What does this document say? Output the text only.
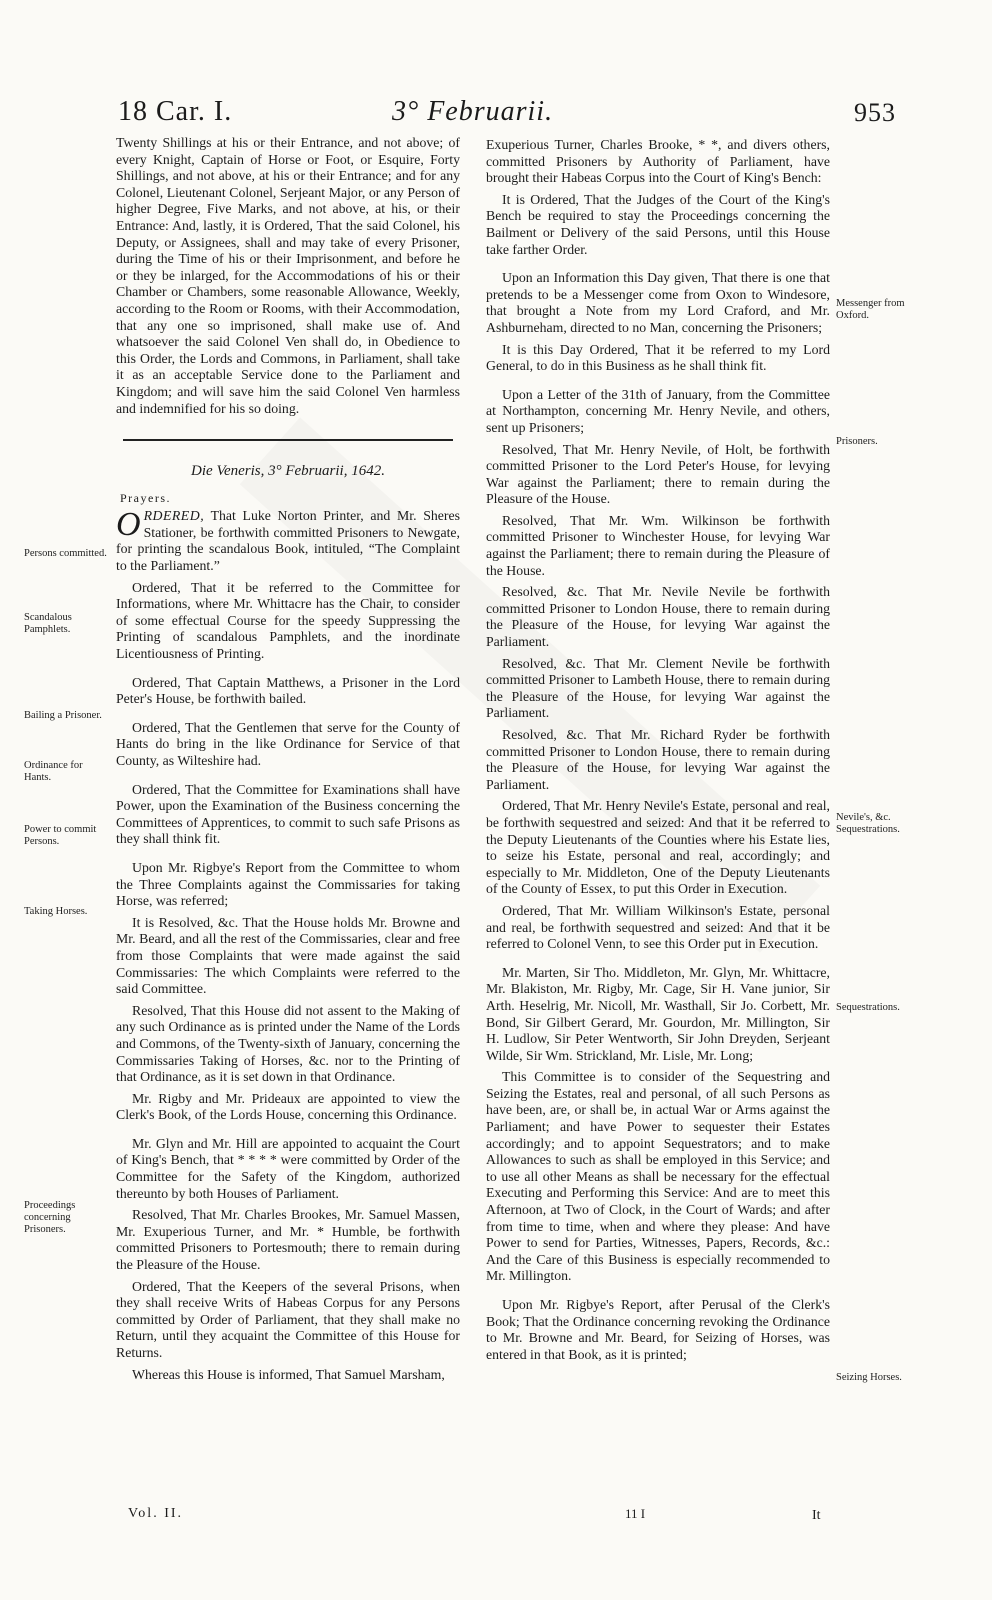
18 Car. I.	3° Februarii.	953

Twenty Shillings at his or their Entrance, and not above; of every Knight, Captain of Horse or Foot, or Esquire, Forty Shillings, and not above, at his or their Entrance; and for any Colonel, Lieutenant Colonel, Serjeant Major, or any Person of higher Degree, Five Marks, and not above, at his, or their Entrance: And, lastly, it is Ordered, That the said Colonel, his Deputy, or Assignees, shall and may take of every Prisoner, during the Time of his or their Imprisonment, and before he or they be inlarged, for the Accommodations of his or their Chamber or Chambers, some reasonable Allowance, Weekly, according to the Room or Rooms, with their Accommodation, that any one so imprisoned, shall make use of. And whatsoever the said Colonel Ven shall do, in Obedience to this Order, the Lords and Commons, in Parliament, shall take it as an acceptable Service done to the Parliament and Kingdom; and will save him the said Colonel Ven harmless and indemnified for his so doing.

Die Veneris, 3° Februarii, 1642.
Prayers.

ORDERED, That Luke Norton Printer, and Mr. Sheres Stationer, be forthwith committed Prisoners to Newgate, for printing the scandalous Book, intituled, “The Complaint to the Parliament.”

Ordered, That it be referred to the Committee for Informations, where Mr. Whittacre has the Chair, to consider of some effectual Course for the speedy Suppressing the Printing of scandalous Pamphlets, and the inordinate Licentiousness of Printing.

Ordered, That Captain Matthews, a Prisoner in the Lord Peter's House, be forthwith bailed.

Ordered, That the Gentlemen that serve for the County of Hants do bring in the like Ordinance for Service of that County, as Wilteshire had.

Ordered, That the Committee for Examinations shall have Power, upon the Examination of the Business concerning the Committees of Apprentices, to commit to such safe Prisons as they shall think fit.

Upon Mr. Rigbye's Report from the Committee to whom the Three Complaints against the Commissaries for taking Horse, was referred;

It is Resolved, &c. That the House holds Mr. Browne and Mr. Beard, and all the rest of the Commissaries, clear and free from those Complaints that were made against the said Commissaries: The which Complaints were referred to the said Committee.

Resolved, That this House did not assent to the Making of any such Ordinance as is printed under the Name of the Lords and Commons, of the Twenty-sixth of January, concerning the Commissaries Taking of Horses, &c. nor to the Printing of that Ordinance, as it is set down in that Ordinance.

Mr. Rigby and Mr. Prideaux are appointed to view the Clerk's Book, of the Lords House, concerning this Ordinance.

Mr. Glyn and Mr. Hill are appointed to acquaint the Court of King's Bench, that * * * * were committed by Order of the Committee for the Safety of the Kingdom, authorized thereunto by both Houses of Parliament.

Resolved, That Mr. Charles Brookes, Mr. Samuel Massen, Mr. Exuperious Turner, and Mr. * Humble, be forthwith committed Prisoners to Portesmouth; there to remain during the Pleasure of the House.

Ordered, That the Keepers of the several Prisons, when they shall receive Writs of Habeas Corpus for any Persons committed by Order of Parliament, that they shall make no Return, until they acquaint the Committee of this House for Returns.

Whereas this House is informed, That Samuel Marsham,

Exuperious Turner, Charles Brooke, * *, and divers others, committed Prisoners by Authority of Parliament, have brought their Habeas Corpus into the Court of King's Bench:

It is Ordered, That the Judges of the Court of the King's Bench be required to stay the Proceedings concerning the Bailment or Delivery of the said Persons, until this House take farther Order.

Upon an Information this Day given, That there is one that pretends to be a Messenger come from Oxon to Windesore, that brought a Note from my Lord Craford, and Mr. Ashburneham, directed to no Man, concerning the Prisoners;

It is this Day Ordered, That it be referred to my Lord General, to do in this Business as he shall think fit.

Upon a Letter of the 31th of January, from the Committee at Northampton, concerning Mr. Henry Nevile, and others, sent up Prisoners;

Resolved, That Mr. Henry Nevile, of Holt, be forthwith committed Prisoner to the Lord Peter's House, for levying War against the Parliament; there to remain during the Pleasure of the House.

Resolved, That Mr. Wm. Wilkinson be forthwith committed Prisoner to Winchester House, for levying War against the Parliament; there to remain during the Pleasure of the House.

Resolved, &c. That Mr. Nevile Nevile be forthwith committed Prisoner to London House, there to remain during the Pleasure of the House, for levying War against the Parliament.

Resolved, &c. That Mr. Clement Nevile be forthwith committed Prisoner to Lambeth House, there to remain during the Pleasure of the House, for levying War against the Parliament.

Resolved, &c. That Mr. Richard Ryder be forthwith committed Prisoner to London House, there to remain during the Pleasure of the House, for levying War against the Parliament.

Ordered, That Mr. Henry Nevile's Estate, personal and real, be forthwith sequestred and seized: And that it be referred to the Deputy Lieutenants of the Counties where his Estate lies, to seize his Estate, personal and real, accordingly; and especially to Mr. Middleton, One of the Deputy Lieutenants of the County of Essex, to put this Order in Execution.

Ordered, That Mr. William Wilkinson's Estate, personal and real, be forthwith sequestred and seized: And that it be referred to Colonel Venn, to see this Order put in Execution.

Mr. Marten, Sir Tho. Middleton, Mr. Glyn, Mr. Whittacre, Mr. Blakiston, Mr. Rigby, Mr. Cage, Sir H. Vane junior, Sir Arth. Heselrig, Mr. Nicoll, Mr. Wasthall, Sir Jo. Corbett, Mr. Bond, Sir Gilbert Gerard, Mr. Gourdon, Mr. Millington, Sir H. Ludlow, Sir Peter Wentworth, Sir John Dreyden, Serjeant Wilde, Sir Wm. Strickland, Mr. Lisle, Mr. Long;

This Committee is to consider of the Sequestring and Seizing the Estates, real and personal, of all such Persons as have been, are, or shall be, in actual War or Arms against the Parliament; and have Power to sequester their Estates accordingly; and to appoint Sequestrators; and to make Allowances to such as shall be employed in this Service; and to use all other Means as shall be necessary for the effectual Executing and Performing this Service: And are to meet this Afternoon, at Two of Clock, in the Court of Wards; and after from time to time, when and where they please: And have Power to send for Parties, Witnesses, Papers, Records, &c.: And the Care of this Business is especially recommended to Mr. Millington.

Upon Mr. Rigbye's Report, after Perusal of the Clerk's Book; That the Ordinance concerning revoking the Ordinance to Mr. Browne and Mr. Beard, for Seizing of Horses, was entered in that Book, as it is printed;

Persons committed.
Scandalous Pamphlets.
Bailing a Prisoner.
Ordinance for Hants.
Power to commit Persons.
Taking Horses.
Proceedings concerning Prisoners.
Messenger from Oxford.
Prisoners.
Nevile's, &c. Sequestrations.
Sequestrations.
Seizing Horses.
Vol. II.	11 I	It
